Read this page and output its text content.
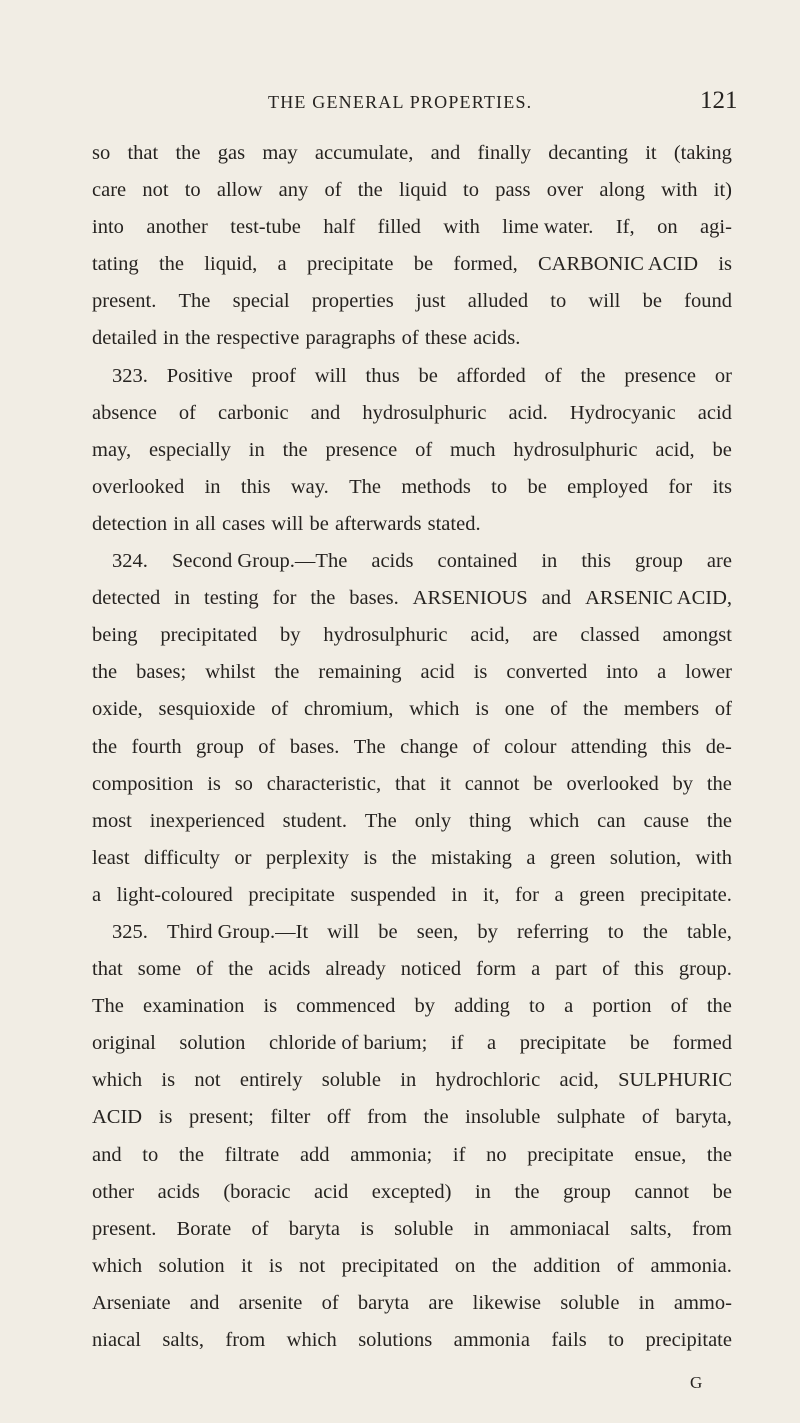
THE GENERAL PROPERTIES.	121
so that the gas may accumulate, and finally decanting it (taking
care not to allow any of the liquid to pass over along with it)
into another test-tube half filled with lime water. If, on agi-
tating the liquid, a precipitate be formed, CARBONIC ACID is
present. The special properties just alluded to will be found
detailed in the respective paragraphs of these acids.
323. Positive proof will thus be afforded of the presence or
absence of carbonic and hydrosulphuric acid. Hydrocyanic acid
may, especially in the presence of much hydrosulphuric acid, be
overlooked in this way. The methods to be employed for its
detection in all cases will be afterwards stated.
324. Second Group.—The acids contained in this group are
detected in testing for the bases. ARSENIOUS and ARSENIC ACID,
being precipitated by hydrosulphuric acid, are classed amongst
the bases; whilst the remaining acid is converted into a lower
oxide, sesquioxide of chromium, which is one of the members of
the fourth group of bases. The change of colour attending this de-
composition is so characteristic, that it cannot be overlooked by the
most inexperienced student. The only thing which can cause the
least difficulty or perplexity is the mistaking a green solution, with
a light-coloured precipitate suspended in it, for a green precipitate.
325. Third Group.—It will be seen, by referring to the table,
that some of the acids already noticed form a part of this group.
The examination is commenced by adding to a portion of the
original solution chloride of barium; if a precipitate be formed
which is not entirely soluble in hydrochloric acid, SULPHURIC
ACID is present; filter off from the insoluble sulphate of baryta,
and to the filtrate add ammonia; if no precipitate ensue, the
other acids (boracic acid excepted) in the group cannot be
present. Borate of baryta is soluble in ammoniacal salts, from
which solution it is not precipitated on the addition of ammonia.
Arseniate and arsenite of baryta are likewise soluble in ammo-
niacal salts, from which solutions ammonia fails to precipitate
G
